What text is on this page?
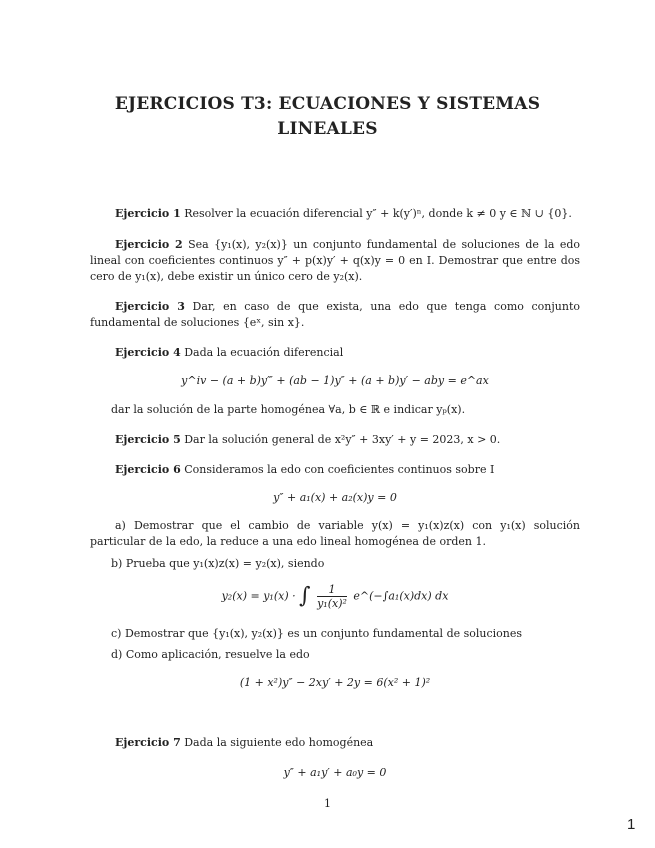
EJERCICIOS T3: ECUACIONES Y SISTEMAS LINEALES
Ejercicio 1 Resolver la ecuación diferencial y″ + k(y′)ⁿ, donde k ≠ 0 y ∈ ℕ ∪ {0}.
Ejercicio 2 Sea {y₁(x), y₂(x)} un conjunto fundamental de soluciones de la edo lineal con coeficientes continuos y″ + p(x)y′ + q(x)y = 0 en I. Demostrar que entre dos cero de y₁(x), debe existir un único cero de y₂(x).
Ejercicio 3 Dar, en caso de que exista, una edo que tenga como conjunto fundamental de soluciones {eˣ, sin x}.
Ejercicio 4 Dada la ecuación diferencial
y^iv − (a + b)y‴ + (ab − 1)y″ + (a + b)y′ − aby = e^ax
dar la solución de la parte homogénea ∀a, b ∈ ℝ e indicar yₚ(x).
Ejercicio 5 Dar la solución general de x²y″ + 3xy′ + y = 2023, x > 0.
Ejercicio 6 Consideramos la edo con coeficientes continuos sobre I
y″ + a₁(x) + a₂(x)y = 0
a) Demostrar que el cambio de variable y(x) = y₁(x)z(x) con y₁(x) solución particular de la edo, la reduce a una edo lineal homogénea de orden 1.
b) Prueba que y₁(x)z(x) = y₂(x), siendo
y₂(x) = y₁(x) · ∫ $\frac{1}{\text{y₁(x)²}}$ e^(−∫a₁(x)dx) dx
c) Demostrar que {y₁(x), y₂(x)} es un conjunto fundamental de soluciones
d) Como aplicación, resuelve la edo
(1 + x²)y″ − 2xy′ + 2y = 6(x² + 1)²
Ejercicio 7 Dada la siguiente edo homogénea
y″ + a₁y′ + a₀y = 0
1
1
